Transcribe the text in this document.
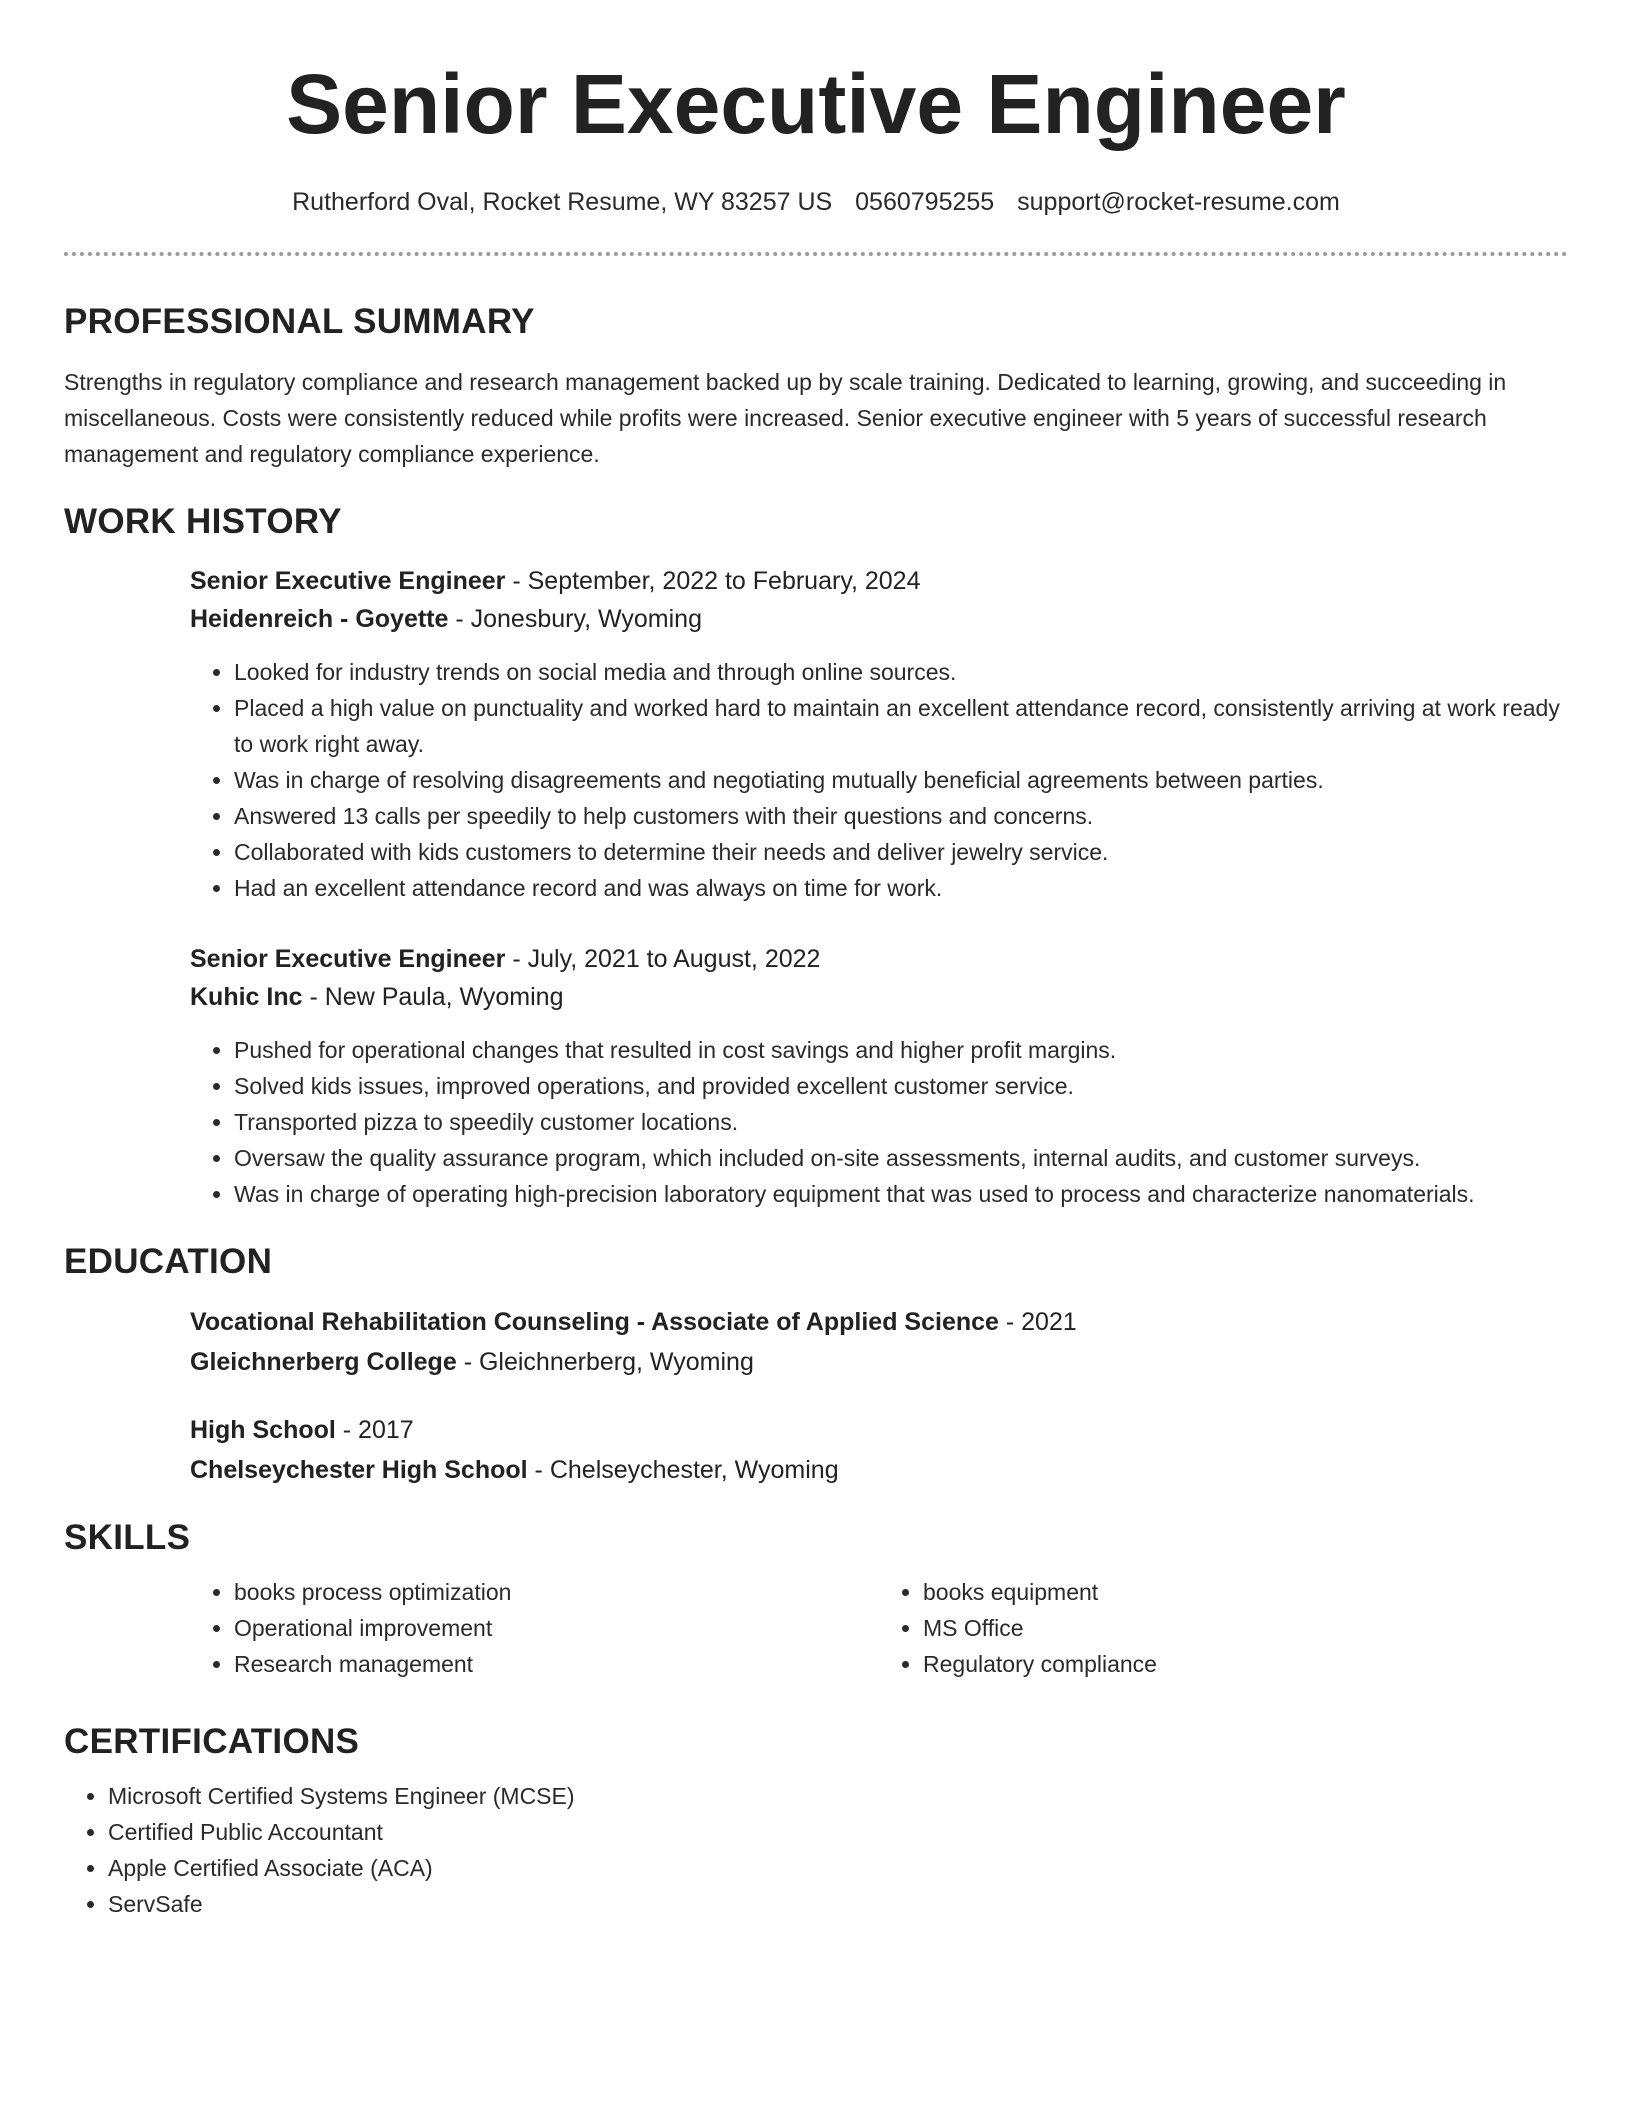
Senior Executive Engineer
Rutherford Oval, Rocket Resume, WY 83257 US 0560795255 support@rocket-resume.com
PROFESSIONAL SUMMARY

Strengths in regulatory compliance and research management backed up by scale training. Dedicated to learning, growing, and succeeding in miscellaneous. Costs were consistently reduced while profits were increased. Senior executive engineer with 5 years of successful research management and regulatory compliance experience.

WORK HISTORY

Senior Executive Engineer - September, 2022 to February, 2024

Heidenreich - Goyette - Jonesbury, Wyoming

• Looked for industry trends on social media and through online sources.
• Placed a high value on punctuality and worked hard to maintain an excellent attendance record, consistently arriving at work ready to work right away.
• Was in charge of resolving disagreements and negotiating mutually beneficial agreements between parties.
• Answered 13 calls per speedily to help customers with their questions and concerns.
• Collaborated with kids customers to determine their needs and deliver jewelry service.
• Had an excellent attendance record and was always on time for work.

Senior Executive Engineer - July, 2021 to August, 2022

Kuhic Inc - New Paula, Wyoming

• Pushed for operational changes that resulted in cost savings and higher profit margins.
• Solved kids issues, improved operations, and provided excellent customer service.
• Transported pizza to speedily customer locations.
• Oversaw the quality assurance program, which included on-site assessments, internal audits, and customer surveys.
• Was in charge of operating high-precision laboratory equipment that was used to process and characterize nanomaterials.
EDUCATION

Vocational Rehabilitation Counseling - Associate of Applied Science - 2021

Gleichnerberg College - Gleichnerberg, Wyoming

High School - 2017

Chelseychester High School - Chelseychester, Wyoming

SKILLS
• books process optimization
• Operational improvement
• Research management
• books equipment
• MS Office
• Regulatory compliance
CERTIFICATIONS
• Microsoft Certified Systems Engineer (MCSE)
• Certified Public Accountant
• Apple Certified Associate (ACA)
• ServSafe
